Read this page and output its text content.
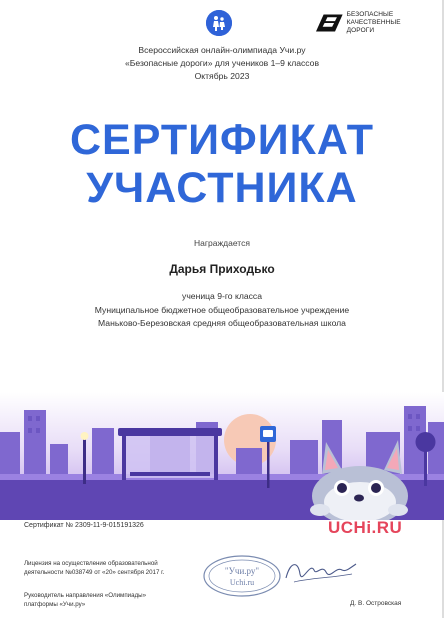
БЕЗОПАСНЫЕ
КАЧЕСТВЕННЫЕ ДОРОГИ
Всероссийская онлайн-олимпиада Учи.ру
«Безопасные дороги» для учеников 1–9 классов
Октябрь 2023
СЕРТИФИКАТ
УЧАСТНИКА
Награждается
Дарья Приходько
ученица 9-го класса
Муниципальное бюджетное общеобразовательное учреждение
Маньково-Березовская средняя общеобразовательная школа
Сертификат № 2309-11-9-015191326
Лицензия на осуществление образовательной
деятельности №038749 от «20» сентября 2017 г.
Руководитель направления «Олимпиады»
платформы «Учи.ру»
"Учи.ру"
Uchi.ru
Д. В. Островская
UCHi.RU
